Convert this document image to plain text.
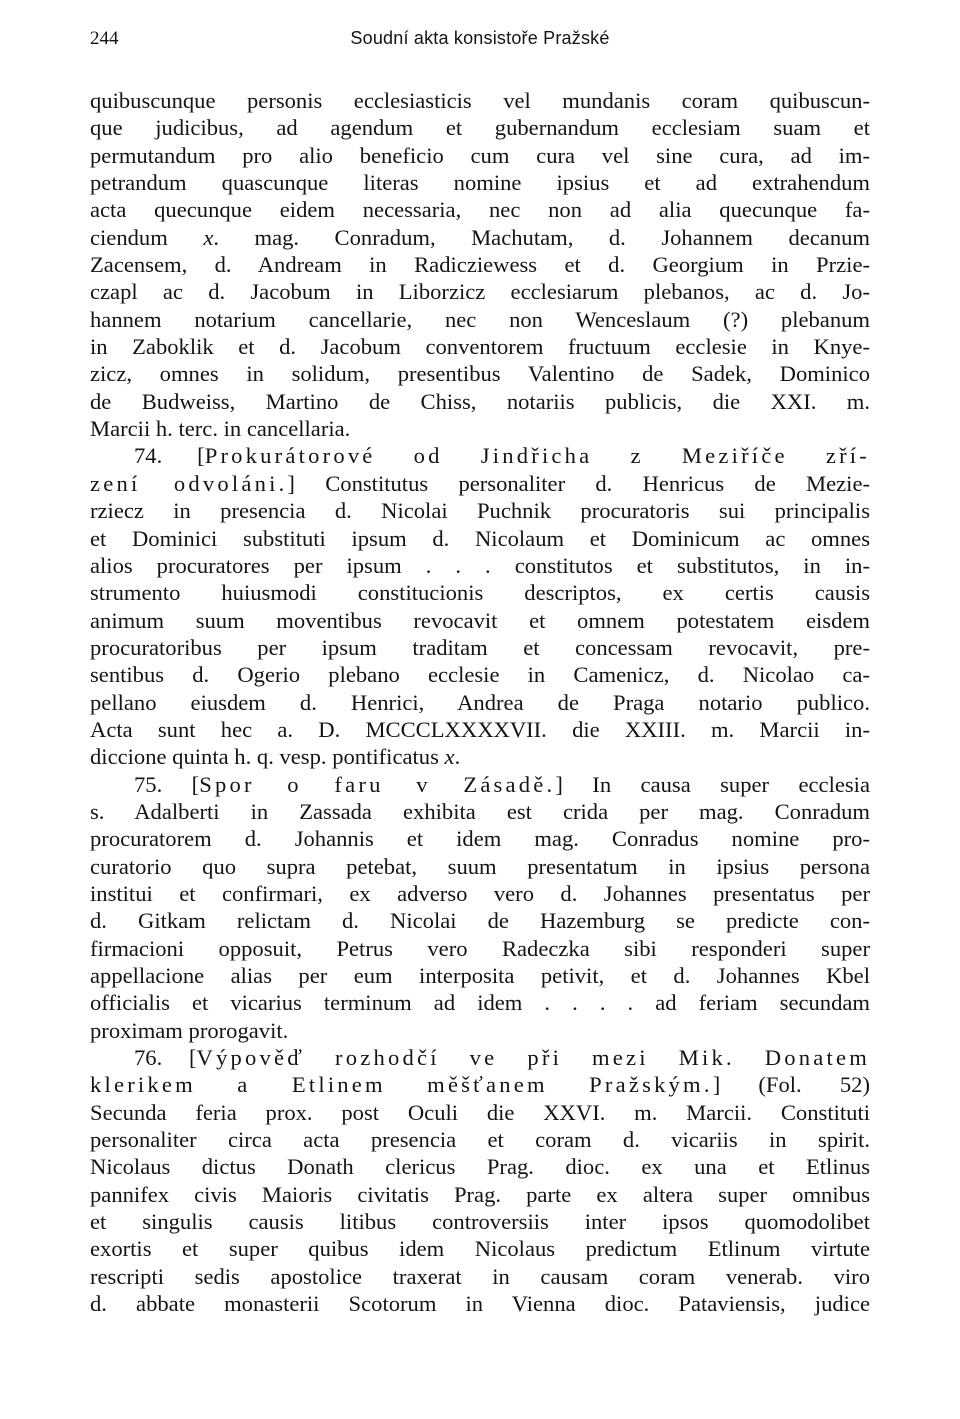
244	Soudní akta konsistoře Pražské
quibuscunque personis ecclesiasticis vel mundanis coram quibuscun-
que judicibus, ad agendum et gubernandum ecclesiam suam et
permutandum pro alio beneficio cum cura vel sine cura, ad im-
petrandum quascunque literas nomine ipsius et ad extrahendum
acta quecunque eidem necessaria, nec non ad alia quecunque fa-
ciendum x. mag. Conradum, Machutam, d. Johannem decanum
Zacensem, d. Andream in Radicziewess et d. Georgium in Przie-
czapl ac d. Jacobum in Liborzicz ecclesiarum plebanos, ac d. Jo-
hannem notarium cancellarie, nec non Wenceslaum (?) plebanum
in Zaboklik et d. Jacobum conventorem fructuum ecclesie in Knye-
zicz, omnes in solidum, presentibus Valentino de Sadek, Dominico
de Budweiss, Martino de Chiss, notariis publicis, die XXI. m.
Marcii h. terc. in cancellaria.
74. [Prokurátorové od Jindřicha z Meziříče zří-
zení odvoláni.] Constitutus personaliter d. Henricus de Mezie-
rziecz in presencia d. Nicolai Puchnik procuratoris sui principalis
et Dominici substituti ipsum d. Nicolaum et Dominicum ac omnes
alios procuratores per ipsum . . . constitutos et substitutos, in in-
strumento huiusmodi constitucionis descriptos, ex certis causis
animum suum moventibus revocavit et omnem potestatem eisdem
procuratoribus per ipsum traditam et concessam revocavit, pre-
sentibus d. Ogerio plebano ecclesie in Camenicz, d. Nicolao ca-
pellano eiusdem d. Henrici, Andrea de Praga notario publico.
Acta sunt hec a. D. MCCCLXXXXVII. die XXIII. m. Marcii in-
diccione quinta h. q. vesp. pontificatus x.
75. [Spor o faru v Zásadě.] In causa super ecclesia
s. Adalberti in Zassada exhibita est crida per mag. Conradum
procuratorem d. Johannis et idem mag. Conradus nomine pro-
curatorio quo supra petebat, suum presentatum in ipsius persona
institui et confirmari, ex adverso vero d. Johannes presentatus per
d. Gitkam relictam d. Nicolai de Hazemburg se predicte con-
firmacioni opposuit, Petrus vero Radeczka sibi responderi super
appellacione alias per eum interposita petivit, et d. Johannes Kbel
officialis et vicarius terminum ad idem . . . . ad feriam secundam
proximam prorogavit.
76. [Výpověď rozhodčí ve při mezi Mik. Donatem
klerikem a Etlinem měšťanem Pražským.] (Fol. 52)
Secunda feria prox. post Oculi die XXVI. m. Marcii. Constituti
personaliter circa acta presencia et coram d. vicariis in spirit.
Nicolaus dictus Donath clericus Prag. dioc. ex una et Etlinus
pannifex civis Maioris civitatis Prag. parte ex altera super omnibus
et singulis causis litibus controversiis inter ipsos quomodolibet
exortis et super quibus idem Nicolaus predictum Etlinum virtute
rescripti sedis apostolice traxerat in causam coram venerab. viro
d. abbate monasterii Scotorum in Vienna dioc. Pataviensis, judice
